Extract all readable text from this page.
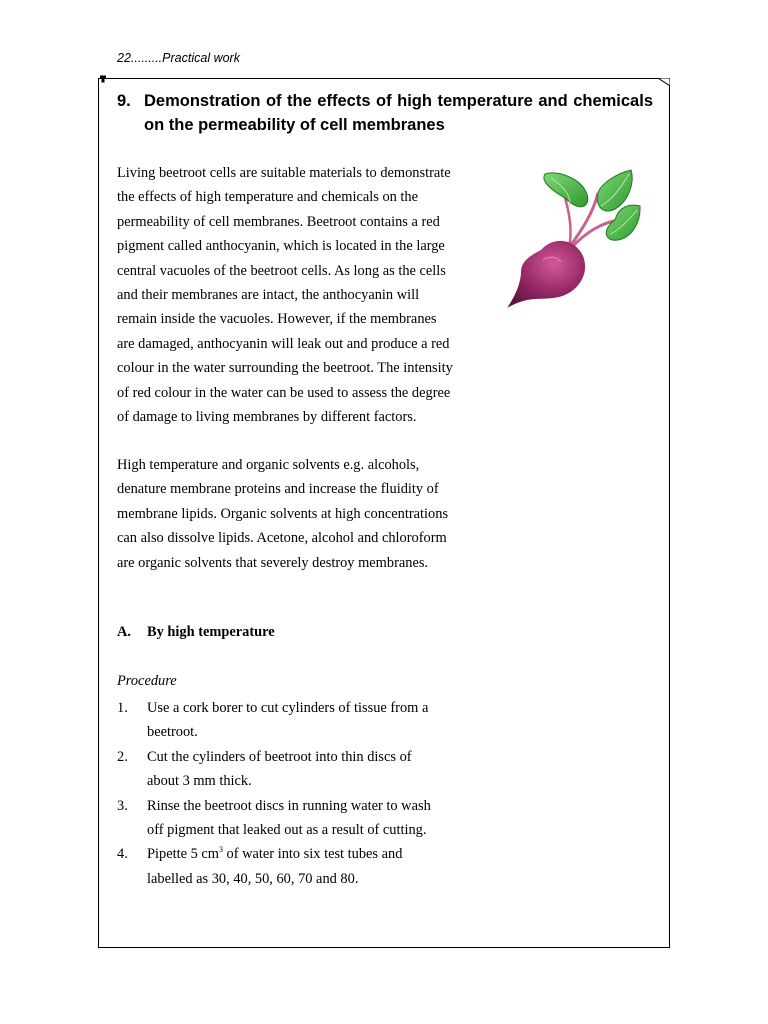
22.........Practical work
9. Demonstration of the effects of high temperature and chemicals on the permeability of cell membranes

Living beetroot cells are suitable materials to demonstrate
the effects of high temperature and chemicals on the
permeability of cell membranes. Beetroot contains a red
pigment called anthocyanin, which is located in the large
central vacuoles of the beetroot cells. As long as the cells
and their membranes are intact, the anthocyanin will
remain inside the vacuoles. However, if the membranes
are damaged, anthocyanin will leak out and produce a red
colour in the water surrounding the beetroot. The intensity
of red colour in the water can be used to assess the degree
of damage to living membranes by different factors.

High temperature and organic solvents e.g. alcohols,
denature membrane proteins and increase the fluidity of
membrane lipids. Organic solvents at high concentrations
can also dissolve lipids. Acetone, alcohol and chloroform
are organic solvents that severely destroy membranes.

A. By high temperature
Procedure
1.	Use a cork borer to cut cylinders of tissue from a
beetroot.
2.	Cut the cylinders of beetroot into thin discs of
about 3 mm thick.
3.	Rinse the beetroot discs in running water to wash
off pigment that leaked out as a result of cutting.
4.	Pipette 5 $cm^3$ of water into six test tubes and
labelled as 30, 40, 50, 60, 70 and 80.
